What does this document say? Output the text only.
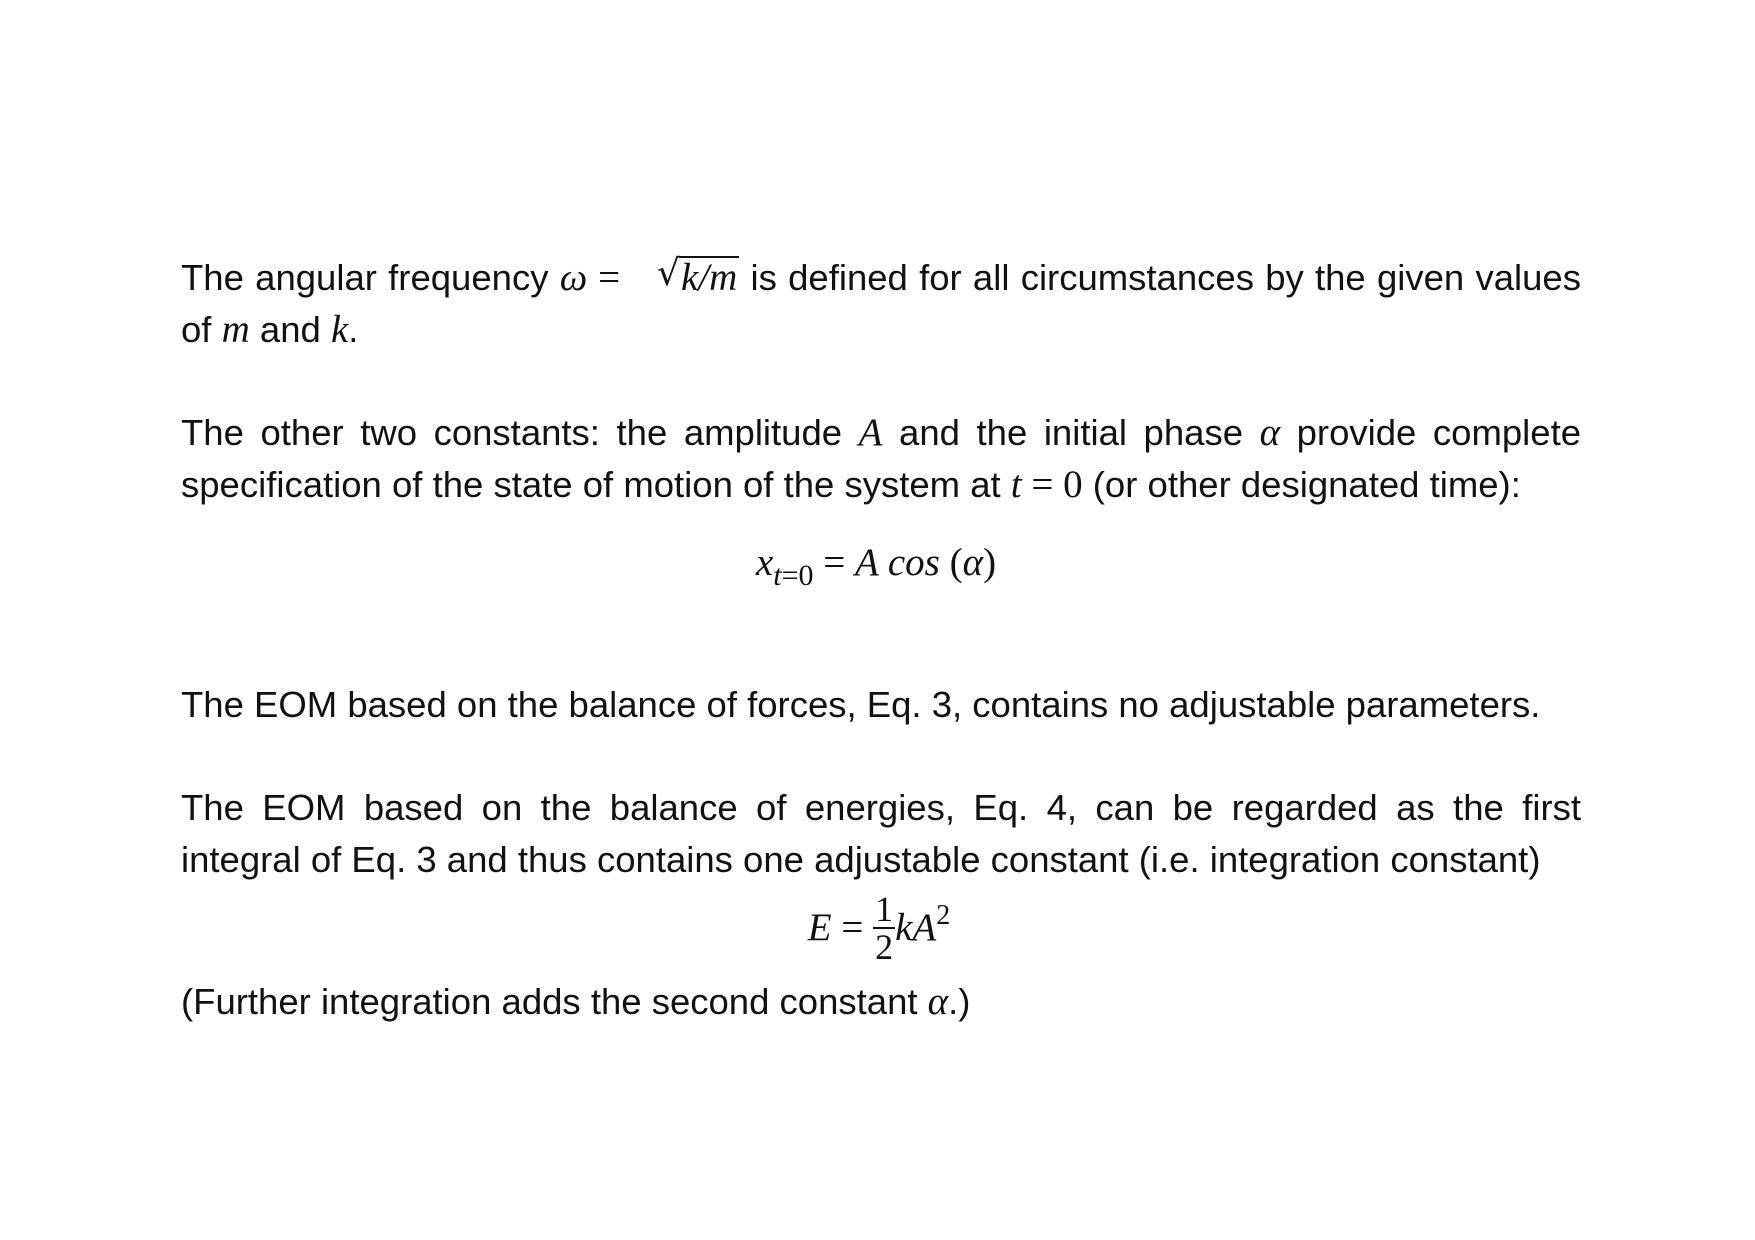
The angular frequency ω = √ k/m is defined for all circumstances by the given values of m and k.

The other two constants: the amplitude A and the initial phase α provide complete specification of the state of motion of the system at t = 0 (or other designated time):

$x_{t=0} = A$ cos (α)

The EOM based on the balance of forces, Eq. 3, contains no adjustable parameters.

The EOM based on the balance of energies, Eq. 4, can be regarded as the first integral of Eq. 3 and thus contains one adjustable constant (i.e. integration constant)

$E = \frac{1}{2} kA^2$

(Further integration adds the second constant α.)
